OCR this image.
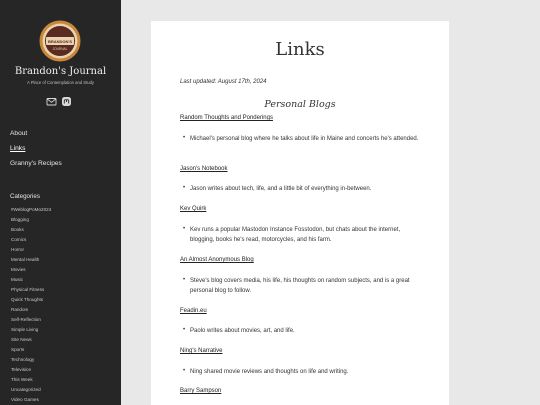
BRANDON'S
JOURNAL
Brandon's Journal
A Place of Contemplation and Study
About
Links
Granny's Recipes
Categories
#WeblogPoMo2024
Blogging
Books
Comics
Horror
Mental Health
Movies
Music
Physical Fitness
Quick Thoughts
Random
Self-Reflection
Simple Living
Site News
Sports
Technology
Television
This Week
Uncategorized
Video Games
Links
Last updated: August 17th, 2024
Personal Blogs
Random Thoughts and Ponderings
• Michael's personal blog where he talks about life in Maine and concerts he's attended.
Jason's Notebook
• Jason writes about tech, life, and a little bit of everything in-between.
Kev Quirk
• Kev runs a popular Mastodon Instance Fosstodon, but chats about the internet, blogging, books he's read, motorcycles, and his farm.
An Almost Anonymous Blog
• Steve's blog covers media, his life, his thoughts on random subjects, and is a great personal blog to follow.
Feadin.eu
• Paolo writes about movies, art, and life.
Ning's Narrative
• Ning shared movie reviews and thoughts on life and writing.
Barry Sampson
